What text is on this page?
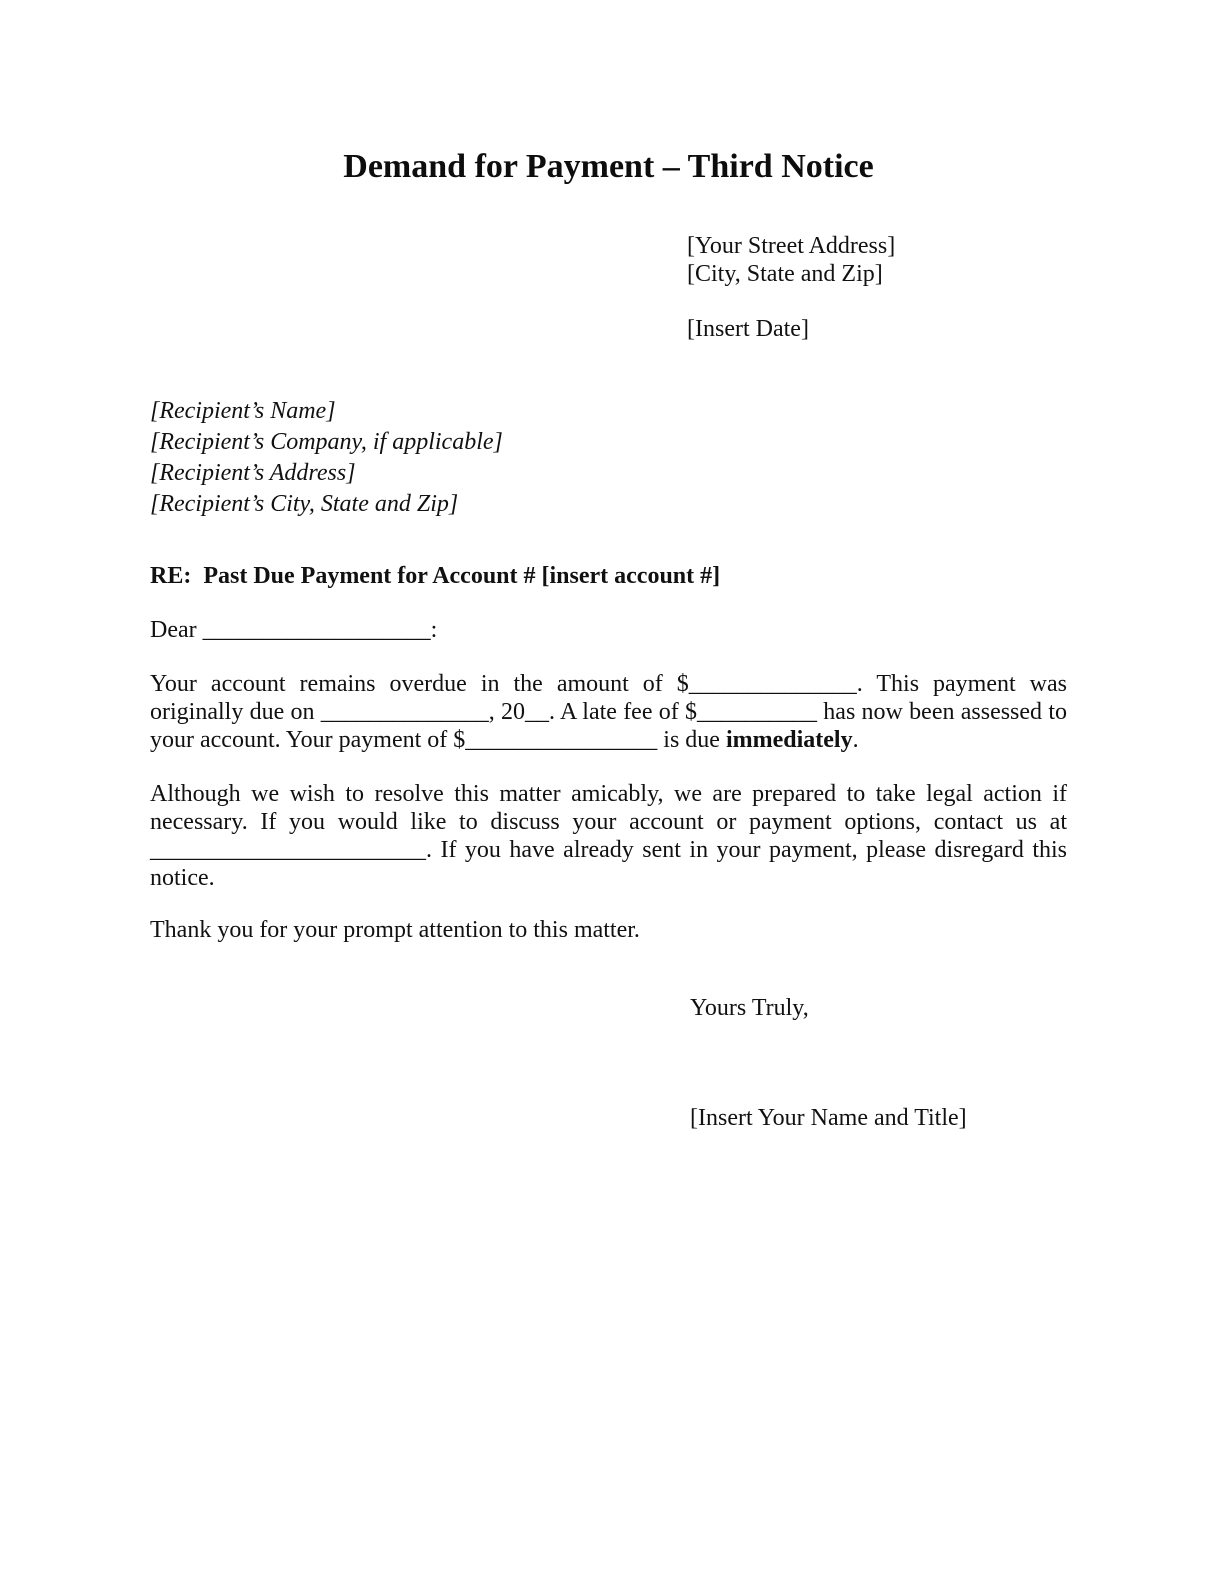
Demand for Payment – Third Notice
[Your Street Address]
[City, State and Zip]
[Insert Date]
[Recipient’s Name]
[Recipient’s Company, if applicable]
[Recipient’s Address]
[Recipient’s City, State and Zip]
RE:  Past Due Payment for Account # [insert account #]
Dear ___________________:

Your account remains overdue in the amount of $______________. This payment was originally due on ______________, 20__. A late fee of $__________ has now been assessed to your account. Your payment of $________________ is due immediately.

Although we wish to resolve this matter amicably, we are prepared to take legal action if necessary. If you would like to discuss your account or payment options, contact us at _______________________. If you have already sent in your payment, please disregard this notice.

Thank you for your prompt attention to this matter.

Yours Truly,
[Insert Your Name and Title]
